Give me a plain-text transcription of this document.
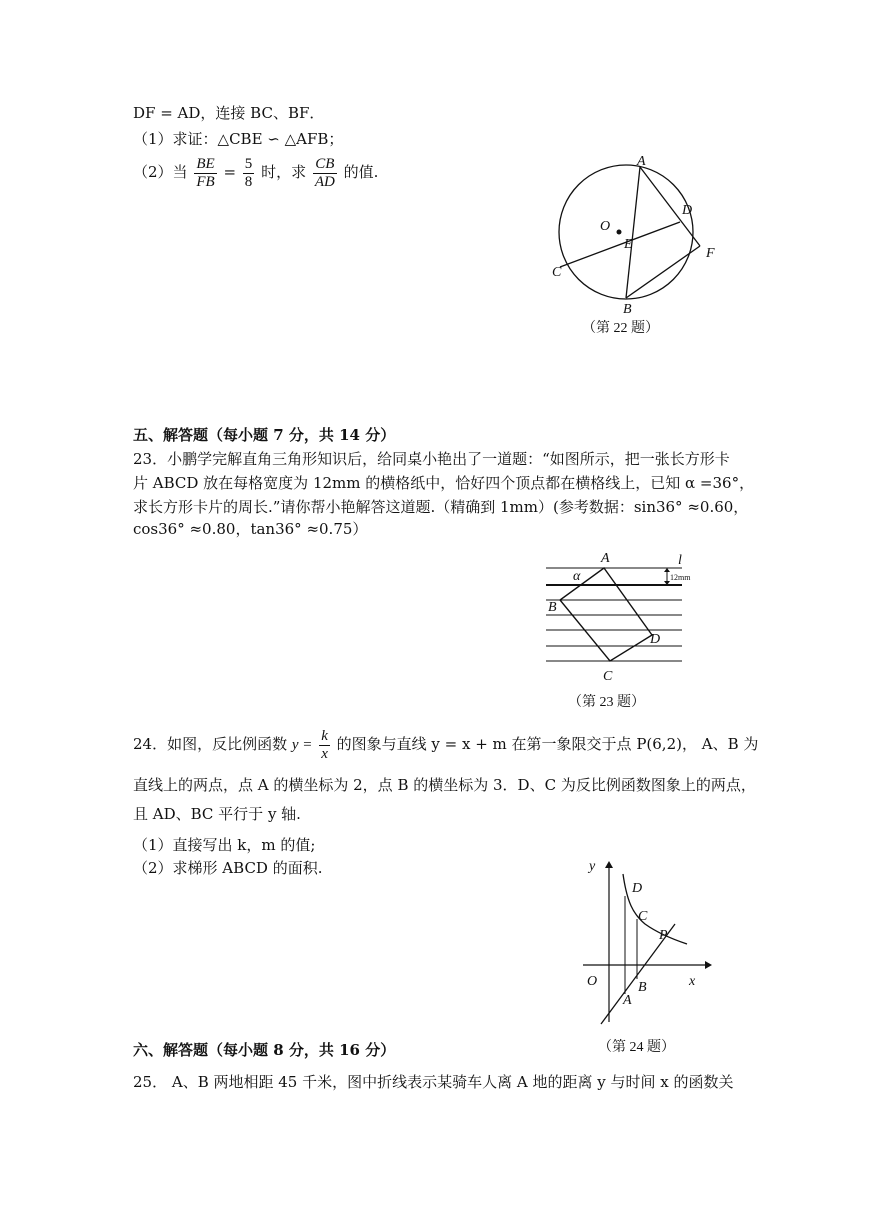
DF = AD，连接 BC、BF．
（1）求证：△CBE ∽ △AFB；
（2）当 $\frac{BE}{FB} = \frac{5}{8}$ 时，求 $\frac{CB}{AD}$ 的值.
A
D
O
E
F
C
B
（第 22 题）
五、解答题（每小题 7 分，共 14 分）
23．小鹏学完解直角三角形知识后，给同桌小艳出了一道题：“如图所示，把一张长方形卡
片 ABCD 放在每格宽度为 12mm 的横格纸中，恰好四个顶点都在横格线上，已知 α =36°，
求长方形卡片的周长.”请你帮小艳解答这道题.（精确到 1mm）(参考数据：sin36° ≈0.60，
cos36° ≈0.80，tan36° ≈0.75）
A	l
α	12mm
B
D
C
（第 23 题）
24．如图，反比例函数 $y = \frac{k}{x}$ 的图象与直线 y = x + m 在第一象限交于点 P(6,2)， A、B 为
直线上的两点，点 A 的横坐标为 2，点 B 的横坐标为 3．D、C 为反比例函数图象上的两点，
且 AD、BC 平行于 y 轴.
（1）直接写出 k，m 的值;
（2）求梯形 ABCD 的面积.	y
x
O
D
C
P
A
B
（第 24 题）
六、解答题（每小题 8 分，共 16 分）
25． A、B 两地相距 45 千米，图中折线表示某骑车人离 A 地的距离 y 与时间 x 的函数关
